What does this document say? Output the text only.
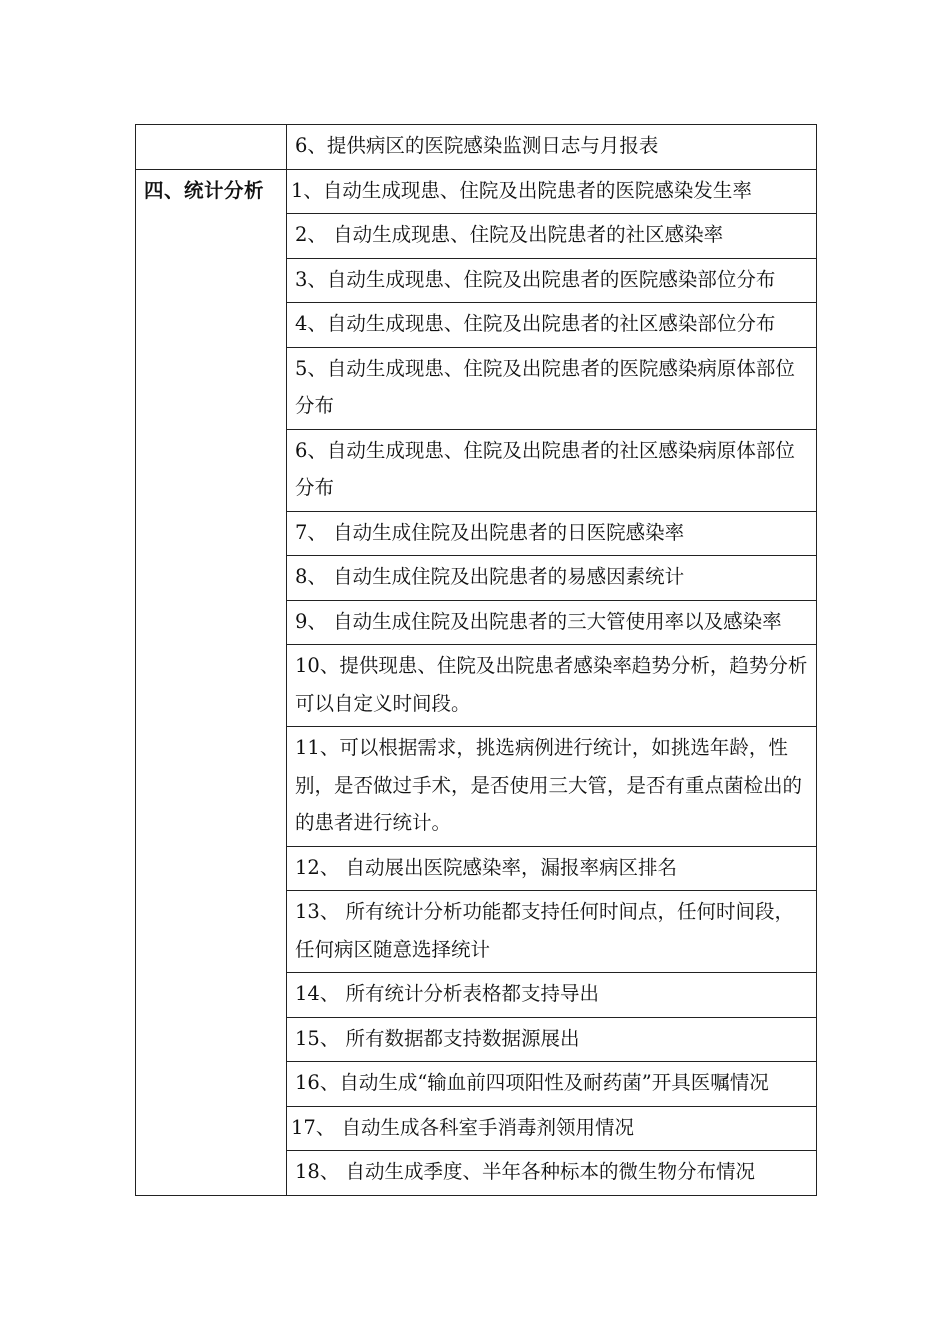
	6、提供病区的医院感染监测日志与月报表
四、统计分析	1、自动生成现患、住院及出院患者的医院感染发生率
	2、 自动生成现患、住院及出院患者的社区感染率
	3、自动生成现患、住院及出院患者的医院感染部位分布
	4、自动生成现患、住院及出院患者的社区感染部位分布
	5、自动生成现患、住院及出院患者的医院感染病原体部位分布
	6、自动生成现患、住院及出院患者的社区感染病原体部位分布
	7、 自动生成住院及出院患者的日医院感染率
	8、 自动生成住院及出院患者的易感因素统计
	9、 自动生成住院及出院患者的三大管使用率以及感染率
	10、提供现患、住院及出院患者感染率趋势分析，趋势分析可以自定义时间段。
	11、可以根据需求，挑选病例进行统计，如挑选年龄，性别，是否做过手术，是否使用三大管，是否有重点菌检出的的患者进行统计。
	12、 自动展出医院感染率，漏报率病区排名
	13、 所有统计分析功能都支持任何时间点，任何时间段，任何病区随意选择统计
	14、 所有统计分析表格都支持导出
	15、 所有数据都支持数据源展出
	16、自动生成“输血前四项阳性及耐药菌”开具医嘱情况
	17、 自动生成各科室手消毒剂领用情况
	18、 自动生成季度、半年各种标本的微生物分布情况
